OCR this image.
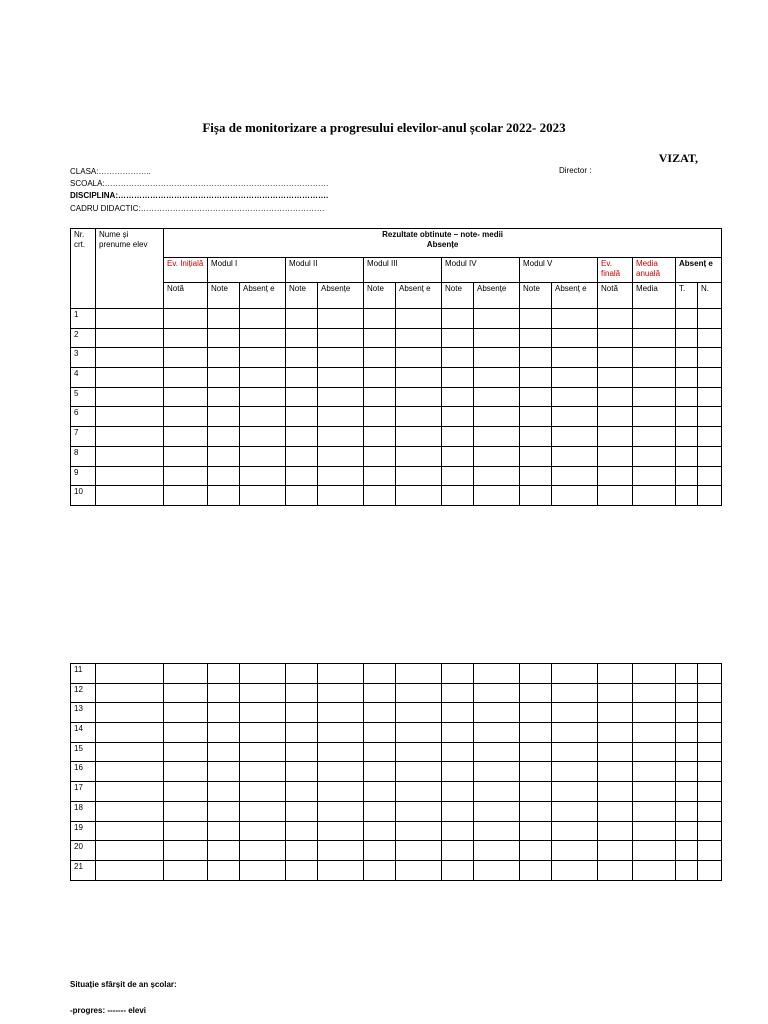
Fișa de monitorizare a progresului elevilor-anul școlar 2022- 2023
VIZAT,
Director :
CLASA:………………..
SCOALA:…………………………………………………………………………
DISCIPLINA:…………………………………………………………………….
CADRU DIDACTIC:……………………………………………………………
Nr. crt.	Nume și prenume elev	Rezultate obtinute – note- medii
Absențe														

		Ev. Inițială	Modul I		Modul II		Modul III		Modul IV		Modul V		Ev. finală	Media anuală	Absenț e	
		Notă	Note	Absenț e	Note	Absențe	Note	Absenț e	Note	Absențe	Note	Absenț e	Notă	Media	T.	N.
1																
2																
3																
4																
5																
6																
7																
8																
9																
10																
11																
12																
13																
14																
15																
16																
17																
18																
19																
20																
21																
Situație sfârșit de an școlar:
-progres: ------- elevi
